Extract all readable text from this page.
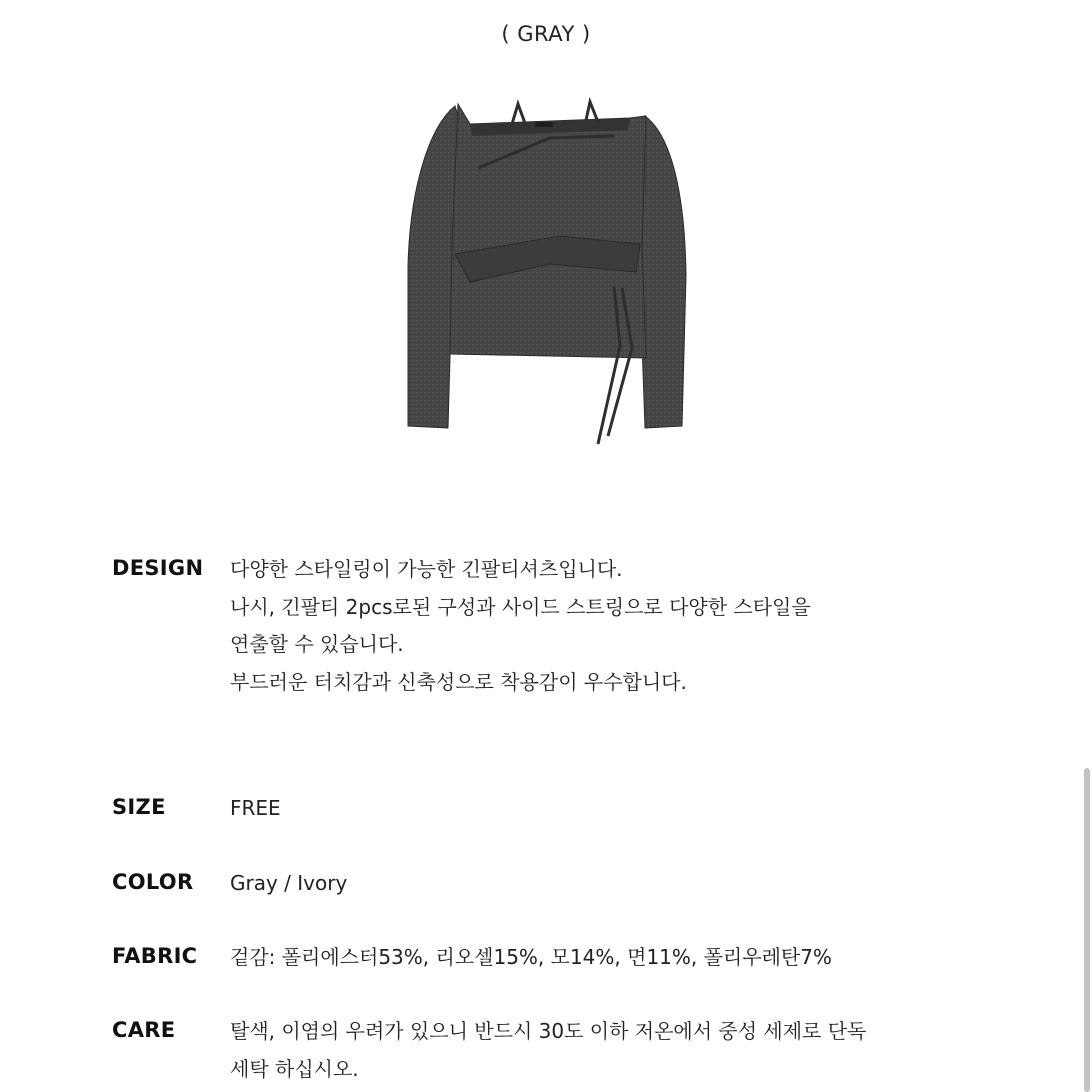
( GRAY )
DESIGN 다양한 스타일링이 가능한 긴팔티셔츠입니다.
나시, 긴팔티 2pcs로된 구성과 사이드 스트링으로 다양한 스타일을
연출할 수 있습니다.
부드러운 터치감과 신축성으로 착용감이 우수합니다.
SIZE	FREE
COLOR Gray / Ivory
FABRIC 겉감: 폴리에스터53%, 리오셀15%, 모14%, 면11%, 폴리우레탄7%
CARE	탈색, 이염의 우려가 있으니 반드시 30도 이하 저온에서 중성 세제로 단독
세탁 하십시오.
